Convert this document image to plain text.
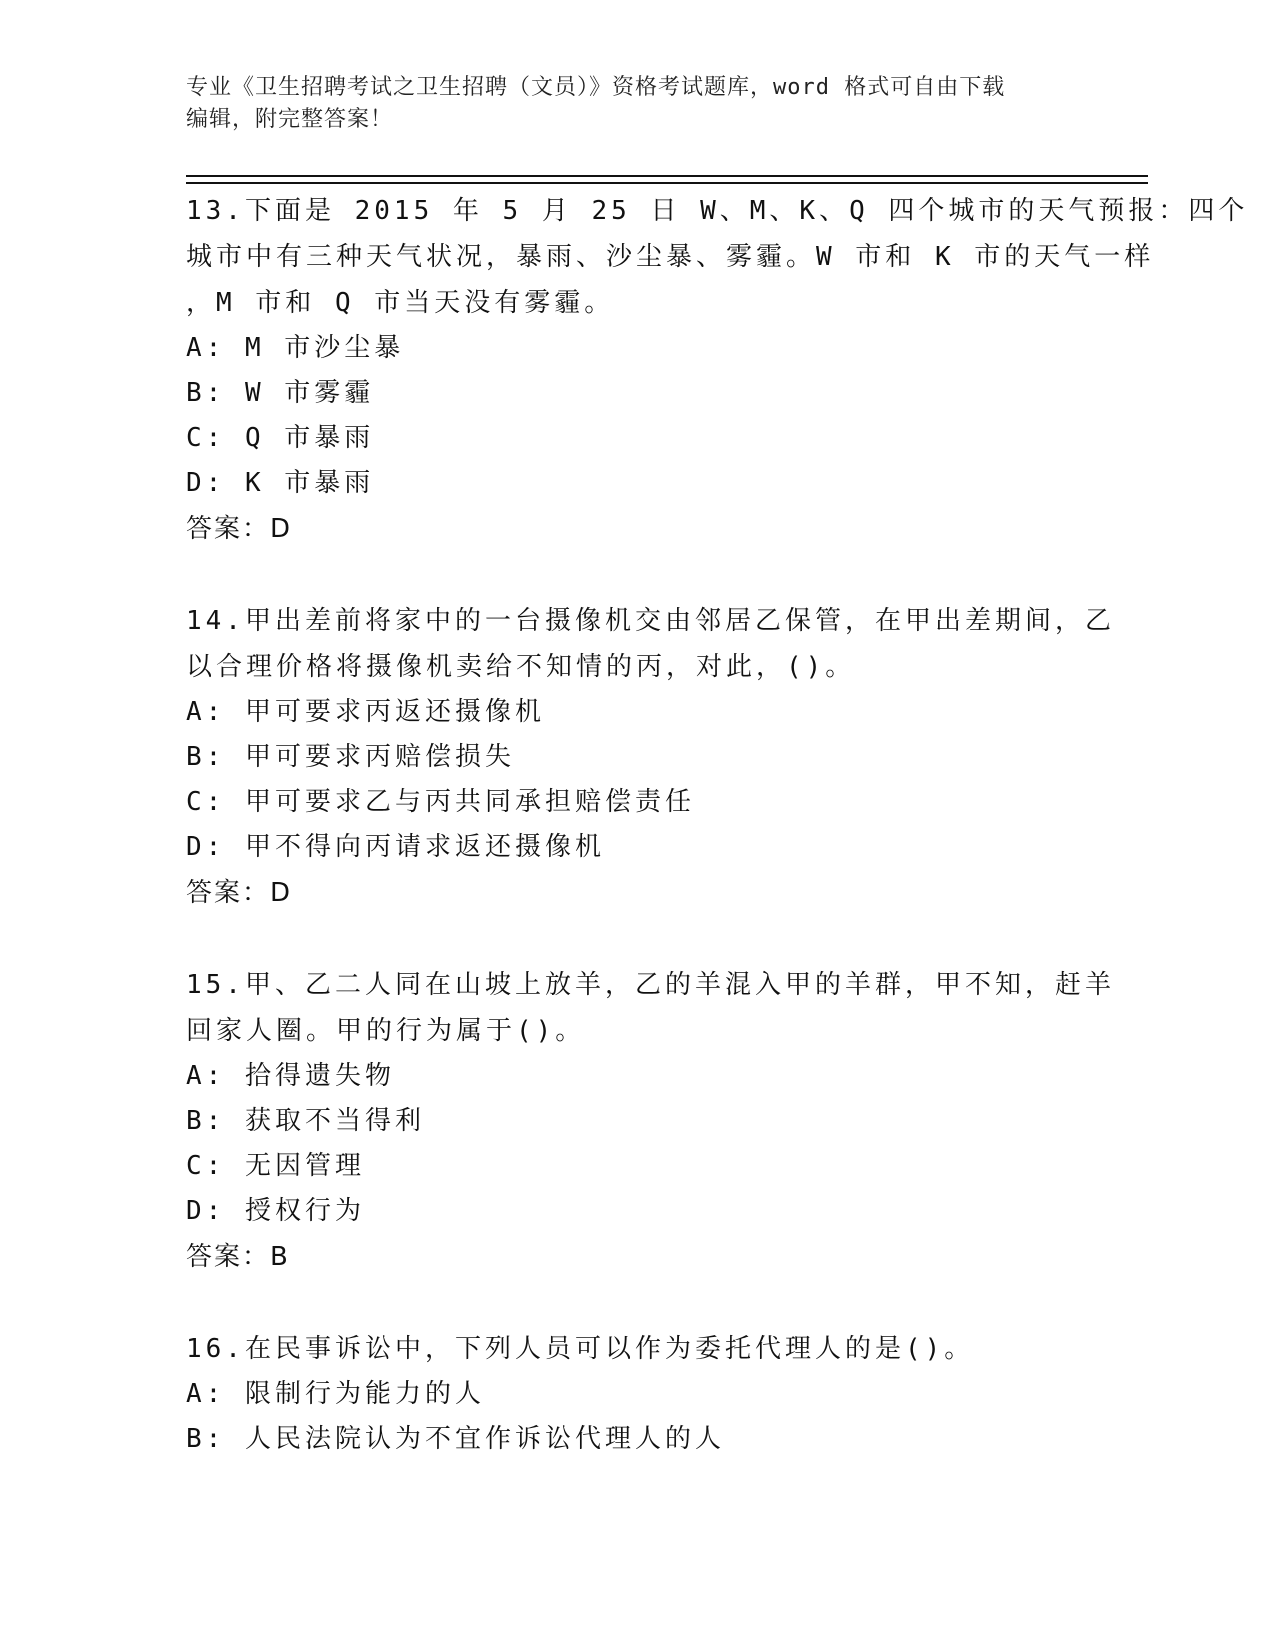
专业《卫生招聘考试之卫生招聘（文员）》资格考试题库，word 格式可自由下载
编辑，附完整答案！
13.下面是 2015 年 5 月 25 日 W、M、K、Q 四个城市的天气预报：四个
城市中有三种天气状况，暴雨、沙尘暴、雾霾。W 市和 K 市的天气一样
，M 市和 Q 市当天没有雾霾。
A: M 市沙尘暴
B: W 市雾霾
C: Q 市暴雨
D: K 市暴雨
答案：D
14.甲出差前将家中的一台摄像机交由邻居乙保管，在甲出差期间，乙
以合理价格将摄像机卖给不知情的丙，对此，()。
A: 甲可要求丙返还摄像机
B: 甲可要求丙赔偿损失
C: 甲可要求乙与丙共同承担赔偿责任
D: 甲不得向丙请求返还摄像机
答案：D
15.甲、乙二人同在山坡上放羊，乙的羊混入甲的羊群，甲不知，赶羊
回家人圈。甲的行为属于()。
A: 拾得遗失物
B: 获取不当得利
C: 无因管理
D: 授权行为
答案：B
16.在民事诉讼中，下列人员可以作为委托代理人的是()。
A: 限制行为能力的人
B: 人民法院认为不宜作诉讼代理人的人
